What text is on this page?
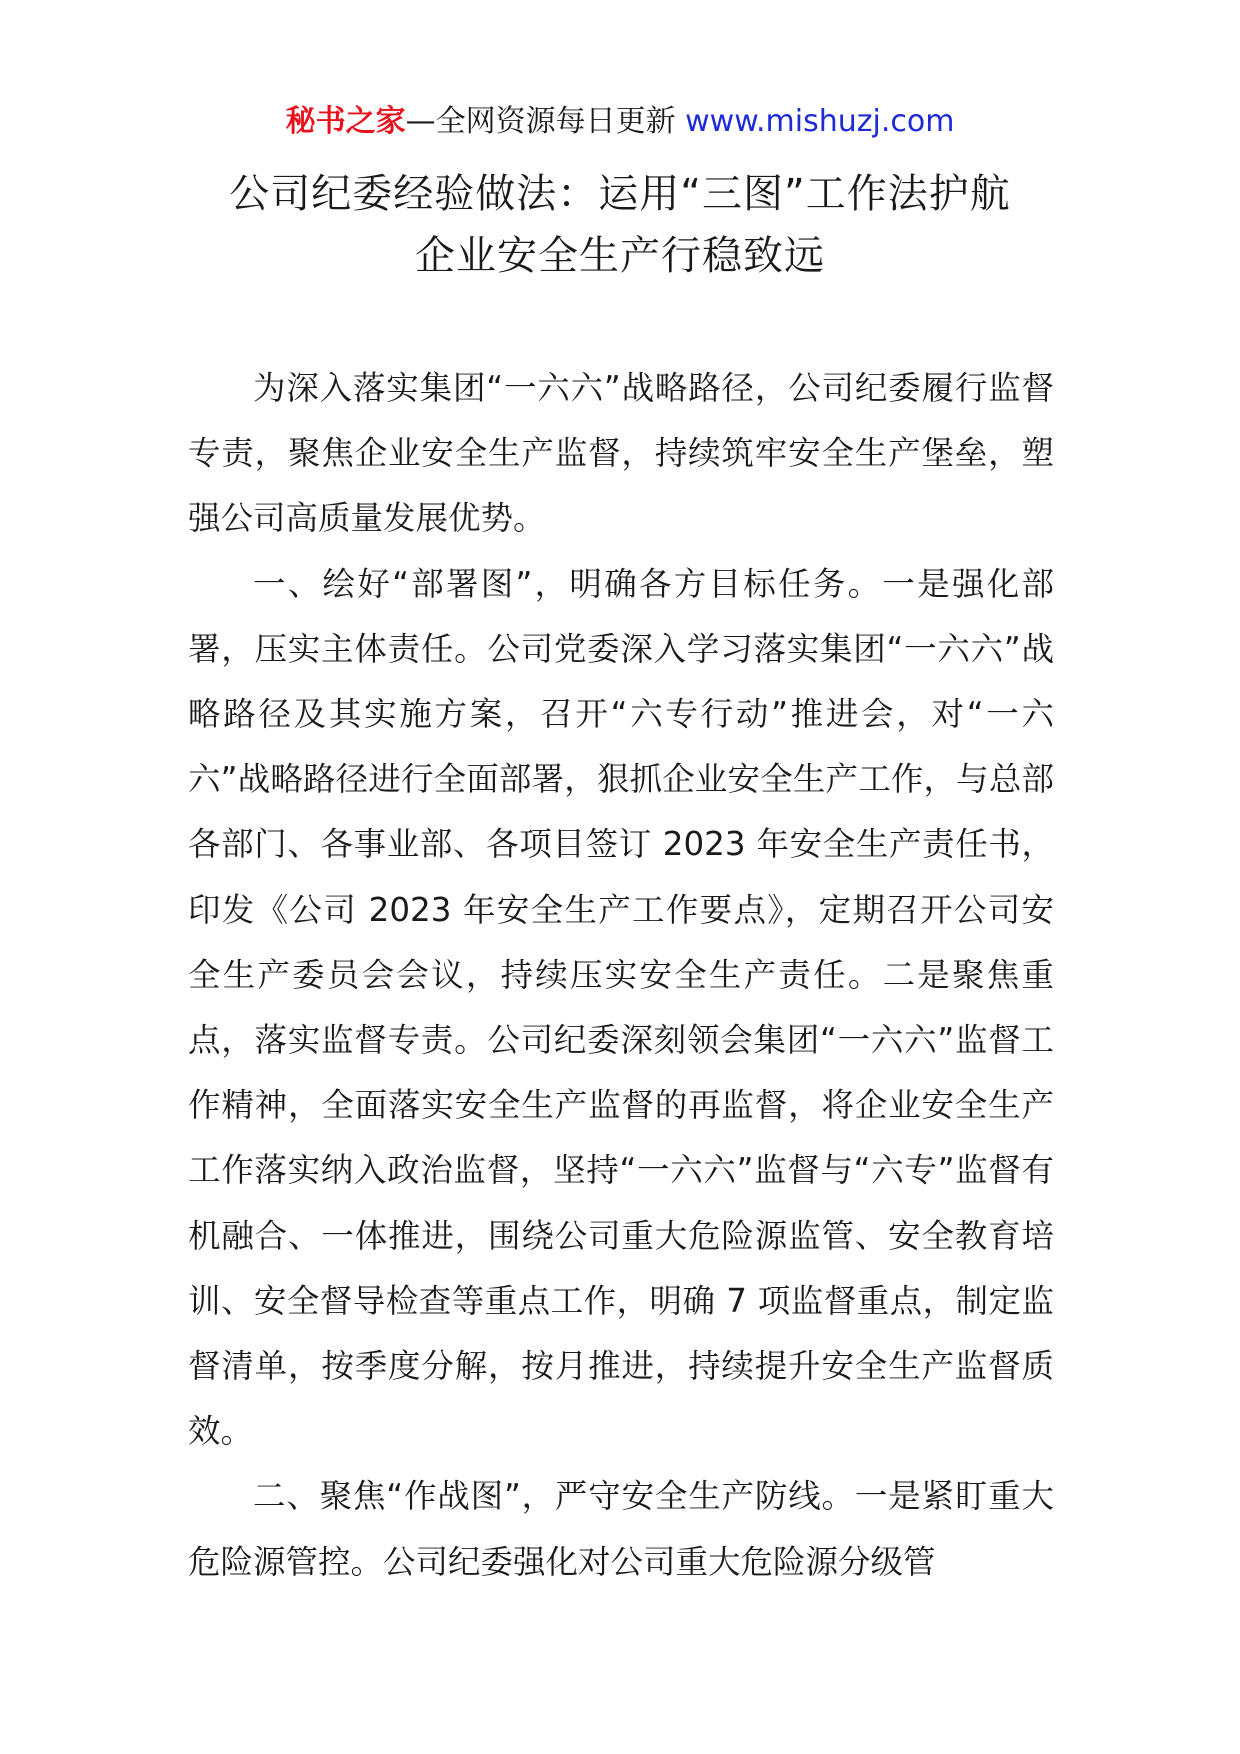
秘书之家—全网资源每日更新 www.mishuzj.com
公司纪委经验做法：运用“三图”工作法护航
企业安全生产行稳致远

为深入落实集团“一六六”战略路径，公司纪委履行监督专责，聚焦企业安全生产监督，持续筑牢安全生产堡垒，塑强公司高质量发展优势。

一、绘好“部署图”，明确各方目标任务。一是强化部署，压实主体责任。公司党委深入学习落实集团“一六六”战略路径及其实施方案，召开“六专行动”推进会，对“一六六”战略路径进行全面部署，狠抓企业安全生产工作，与总部各部门、各事业部、各项目签订 2023 年安全生产责任书，印发《公司 2023 年安全生产工作要点》，定期召开公司安全生产委员会会议，持续压实安全生产责任。二是聚焦重点，落实监督专责。公司纪委深刻领会集团“一六六”监督工作精神，全面落实安全生产监督的再监督，将企业安全生产工作落实纳入政治监督，坚持“一六六”监督与“六专”监督有机融合、一体推进，围绕公司重大危险源监管、安全教育培训、安全督导检查等重点工作，明确 7 项监督重点，制定监督清单，按季度分解，按月推进，持续提升安全生产监督质效。

二、聚焦“作战图”，严守安全生产防线。一是紧盯重大危险源管控。公司纪委强化对公司重大危险源分级管
